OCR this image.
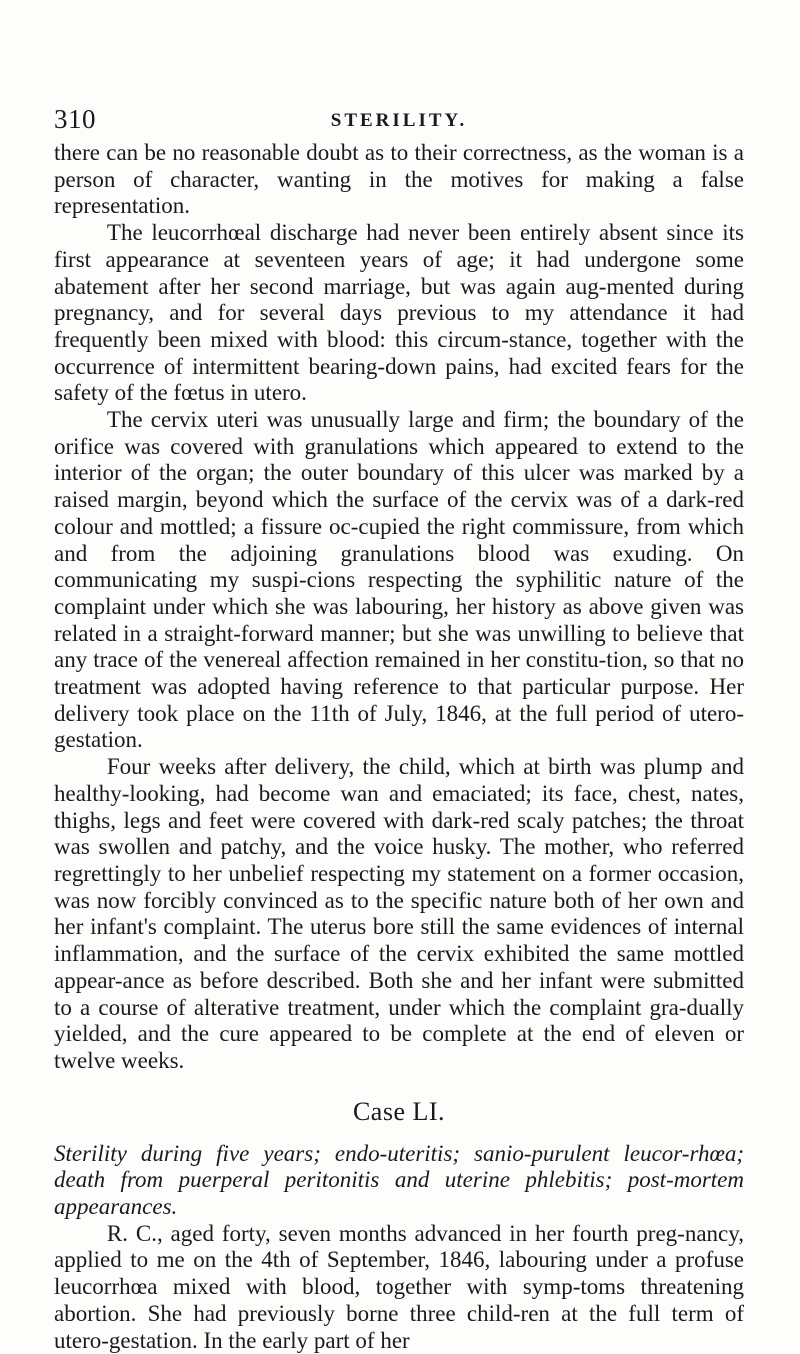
310	STERILITY.

there can be no reasonable doubt as to their correctness, as the woman is a person of character, wanting in the motives for making a false representation.

The leucorrhœal discharge had never been entirely absent since its first appearance at seventeen years of age; it had undergone some abatement after her second marriage, but was again aug-mented during pregnancy, and for several days previous to my attendance it had frequently been mixed with blood: this circum-stance, together with the occurrence of intermittent bearing-down pains, had excited fears for the safety of the fœtus in utero.

The cervix uteri was unusually large and firm; the boundary of the orifice was covered with granulations which appeared to extend to the interior of the organ; the outer boundary of this ulcer was marked by a raised margin, beyond which the surface of the cervix was of a dark-red colour and mottled; a fissure oc-cupied the right commissure, from which and from the adjoining granulations blood was exuding. On communicating my suspi-cions respecting the syphilitic nature of the complaint under which she was labouring, her history as above given was related in a straight-forward manner; but she was unwilling to believe that any trace of the venereal affection remained in her constitu-tion, so that no treatment was adopted having reference to that particular purpose. Her delivery took place on the 11th of July, 1846, at the full period of utero-gestation.

Four weeks after delivery, the child, which at birth was plump and healthy-looking, had become wan and emaciated; its face, chest, nates, thighs, legs and feet were covered with dark-red scaly patches; the throat was swollen and patchy, and the voice husky. The mother, who referred regrettingly to her unbelief respecting my statement on a former occasion, was now forcibly convinced as to the specific nature both of her own and her infant's complaint. The uterus bore still the same evidences of internal inflammation, and the surface of the cervix exhibited the same mottled appear-ance as before described. Both she and her infant were submitted to a course of alterative treatment, under which the complaint gra-dually yielded, and the cure appeared to be complete at the end of eleven or twelve weeks.

Case LI.

Sterility during five years; endo-uteritis; sanio-purulent leucor-rhœa; death from puerperal peritonitis and uterine phlebitis; post-mortem appearances.

R. C., aged forty, seven months advanced in her fourth preg-nancy, applied to me on the 4th of September, 1846, labouring under a profuse leucorrhœa mixed with blood, together with symp-toms threatening abortion. She had previously borne three child-ren at the full term of utero-gestation. In the early part of her
